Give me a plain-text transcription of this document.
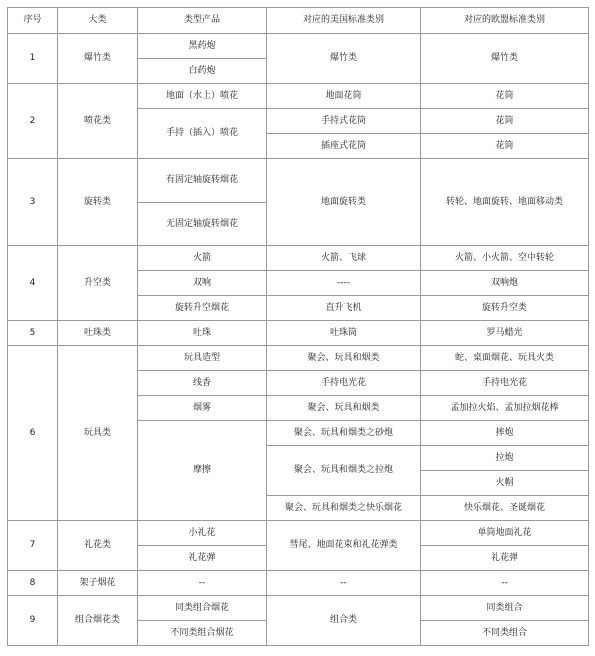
序号	大类	类型产品	对应的美国标准类别	对应的欧盟标准类别
1	爆竹类	黑药炮	爆竹类	爆竹类
		白药炮		
2	喷花类	地面（水上）喷花	地面花筒	花筒
		手持（插入）喷花	手持式花筒	花筒
			插座式花筒	花筒
3	旋转类	有固定轴旋转烟花	地面旋转类	转轮、地面旋转、地面移动类
		无固定轴旋转烟花		
4	升空类	火箭	火箭、飞球	火箭、小火箭、空中转轮
		双响	----	双响炮
		旋转升空烟花	直升飞机	旋转升空类
5	吐珠类	吐珠	吐珠筒	罗马蜡光
6	玩具类	玩具造型	聚会、玩具和烟类	蛇、桌面烟花、玩具火类
		线香	手持电光花	手持电光花
		烟雾	聚会、玩具和烟类	孟加拉火焰、孟加拉烟花棒
		摩擦	聚会、玩具和烟类之砂炮	摔炮
			聚会、玩具和烟类之拉炮	拉炮
				火帽
			聚会、玩具和烟类之快乐烟花	快乐烟花、圣诞烟花
7	礼花类	小礼花	彗尾、地面花束和礼花弹类	单筒地面礼花
		礼花弹		礼花弹
8	架子烟花	--	--	--
9	组合烟花类	同类组合烟花	组合类	同类组合
		不同类组合烟花		不同类组合
